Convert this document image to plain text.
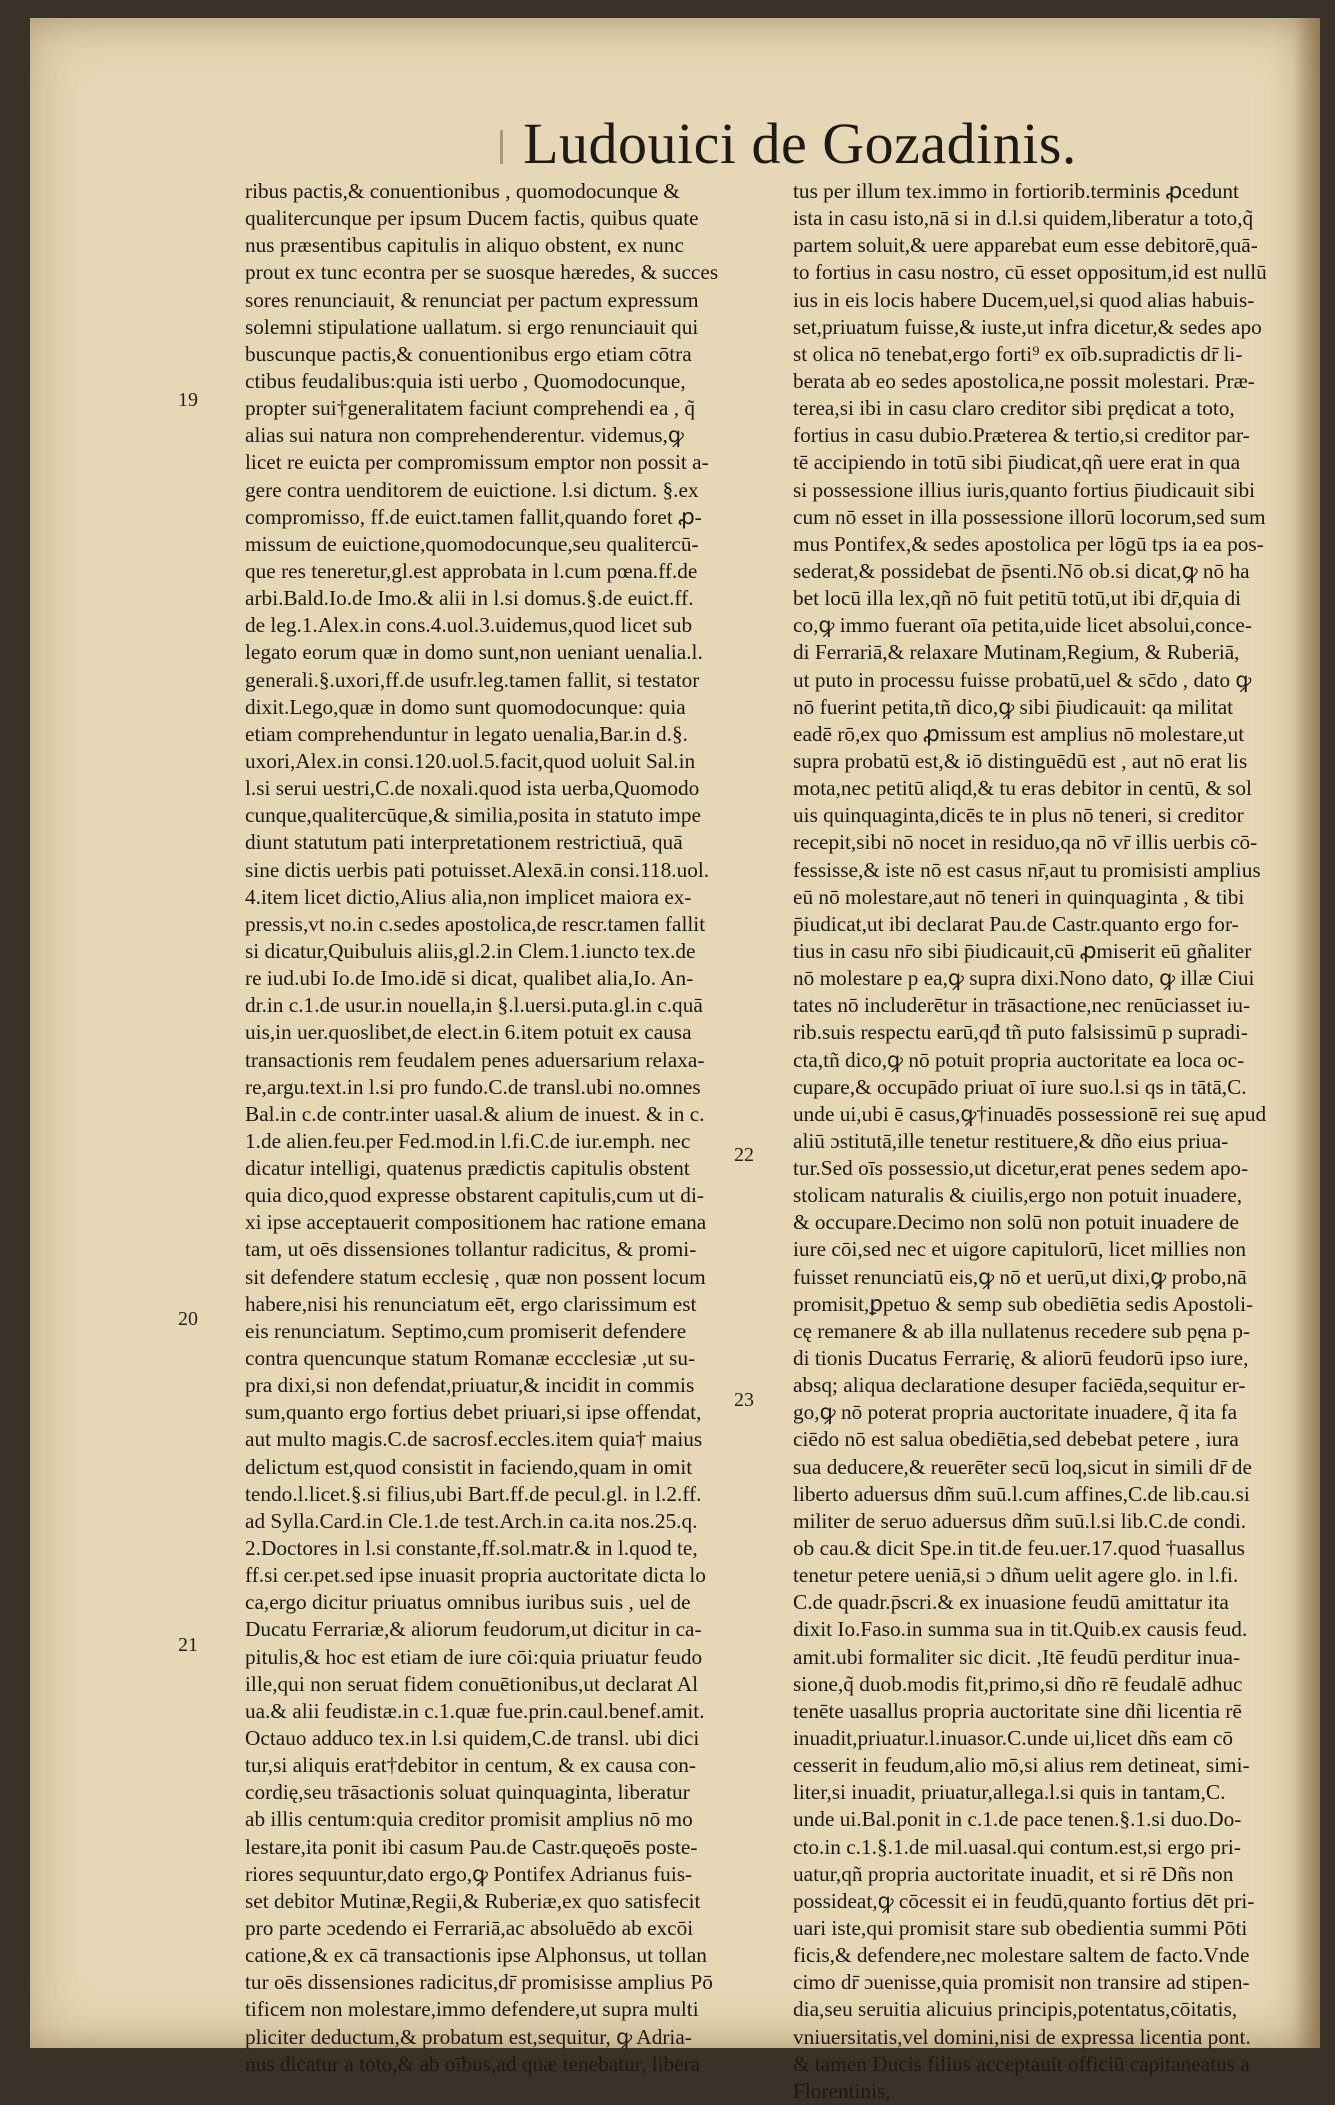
Ludouici de Gozadinis.
ribus pactis,& conuentionibus , quomodocunque &
qualitercunque per ipsum Ducem factis, quibus quate
nus præsentibus capitulis in aliquo obstent, ex nunc
prout ex tunc econtra per se suosque hæredes, & succes
sores renunciauit, & renunciat per pactum expressum
solemni stipulatione uallatum. si ergo renunciauit qui
buscunque pactis,& conuentionibus ergo etiam cōtra
ctibus feudalibus:quia isti uerbo , Quomodocunque,
propter sui†generalitatem faciunt comprehendi ea , q̃
alias sui natura non comprehenderentur. videmus,ꝙ
licet re euicta per compromissum emptor non possit a-
gere contra uenditorem de euictione. l.si dictum. §.ex
compromisso, ff.de euict.tamen fallit,quando foret ꝓ-
missum de euictione,quomodocunque,seu qualitercū-
que res teneretur,gl.est approbata in l.cum pœna.ff.de
arbi.Bald.Io.de Imo.& alii in l.si domus.§.de euict.ff.
de leg.1.Alex.in cons.4.uol.3.uidemus,quod licet sub
legato eorum quæ in domo sunt,non ueniant uenalia.l.
generali.§.uxori,ff.de usufr.leg.tamen fallit, si testator
dixit.Lego,quæ in domo sunt quomodocunque: quia
etiam comprehenduntur in legato uenalia,Bar.in d.§.
uxori,Alex.in consi.120.uol.5.facit,quod uoluit Sal.in
l.si serui uestri,C.de noxali.quod ista uerba,Quomodo
cunque,qualitercūque,& similia,posita in statuto impe
diunt statutum pati interpretationem restrictiuā, quā
sine dictis uerbis pati potuisset.Alexā.in consi.118.uol.
4.item licet dictio,Alius alia,non implicet maiora ex-
pressis,vt no.in c.sedes apostolica,de rescr.tamen fallit
si dicatur,Quibuluis aliis,gl.2.in Clem.1.iuncto tex.de
re iud.ubi Io.de Imo.idē si dicat, qualibet alia,Io. An-
dr.in c.1.de usur.in nouella,in §.l.uersi.puta.gl.in c.quā
uis,in uer.quoslibet,de elect.in 6.item potuit ex causa
transactionis rem feudalem penes aduersarium relaxa-
re,argu.text.in l.si pro fundo.C.de transl.ubi no.omnes
Bal.in c.de contr.inter uasal.& alium de inuest. & in c.
1.de alien.feu.per Fed.mod.in l.fi.C.de iur.emph. nec
dicatur intelligi, quatenus prædictis capitulis obstent
quia dico,quod expresse obstarent capitulis,cum ut di-
xi ipse acceptauerit compositionem hac ratione emana
tam, ut oēs dissensiones tollantur radicitus, & promi-
sit defendere statum ecclesię , quæ non possent locum
habere,nisi his renunciatum eēt, ergo clarissimum est
eis renunciatum. Septimo,cum promiserit defendere
contra quencunque statum Romanæ eccclesiæ ,ut su-
pra dixi,si non defendat,priuatur,& incidit in commis
sum,quanto ergo fortius debet priuari,si ipse offendat,
aut multo magis.C.de sacrosf.eccles.item quia† maius
delictum est,quod consistit in faciendo,quam in omit
tendo.l.licet.§.si filius,ubi Bart.ff.de pecul.gl. in l.2.ff.
ad Sylla.Card.in Cle.1.de test.Arch.in ca.ita nos.25.q.
2.Doctores in l.si constante,ff.sol.matr.& in l.quod te,
ff.si cer.pet.sed ipse inuasit propria auctoritate dicta lo
ca,ergo dicitur priuatus omnibus iuribus suis , uel de
Ducatu Ferrariæ,& aliorum feudorum,ut dicitur in ca-
pitulis,& hoc est etiam de iure cōi:quia priuatur feudo
ille,qui non seruat fidem conuētionibus,ut declarat Al
ua.& alii feudistæ.in c.1.quæ fue.prin.caul.benef.amit.
Octauo adduco tex.in l.si quidem,C.de transl. ubi dici
tur,si aliquis erat†debitor in centum, & ex causa con-
cordię,seu trāsactionis soluat quinquaginta, liberatur
ab illis centum:quia creditor promisit amplius nō mo
lestare,ita ponit ibi casum Pau.de Castr.quęoēs poste-
riores sequuntur,dato ergo,ꝙ Pontifex Adrianus fuis-
set debitor Mutinæ,Regii,& Ruberiæ,ex quo satisfecit
pro parte ɔcedendo ei Ferrariā,ac absoluēdo ab excōi
catione,& ex cā transactionis ipse Alphonsus, ut tollan
tur oēs dissensiones radicitus,dr̄ promisisse amplius Pō
tificem non molestare,immo defendere,ut supra multi
pliciter deductum,& probatum est,sequitur, ꝙ Adria-
nus dicatur a toto,& ab oībus,ad quæ tenebatur, libera
tus per illum tex.immo in fortiorib.terminis ꝓcedunt
ista in casu isto,nā si in d.l.si quidem,liberatur a toto,q̃
partem soluit,& uere apparebat eum esse debitorē,quā-
to fortius in casu nostro, cū esset oppositum,id est nullū
ius in eis locis habere Ducem,uel,si quod alias habuis-
set,priuatum fuisse,& iuste,ut infra dicetur,& sedes apo
st olica nō tenebat,ergo forti⁹ ex oīb.supradictis dr̄ li-
berata ab eo sedes apostolica,ne possit molestari. Præ-
terea,si ibi in casu claro creditor sibi prędicat a toto,
fortius in casu dubio.Præterea & tertio,si creditor par-
tē accipiendo in totū sibi p̄iudicat,qñ uere erat in qua
si possessione illius iuris,quanto fortius p̄iudicauit sibi
cum nō esset in illa possessione illorū locorum,sed sum
mus Pontifex,& sedes apostolica per lōgū tps ia ea pos-
sederat,& possidebat de p̄senti.Nō ob.si dicat,ꝙ nō ha
bet locū illa lex,qñ nō fuit petitū totū,ut ibi dr̄,quia di
co,ꝙ immo fuerant oīa petita,uide licet absolui,conce-
di Ferrariā,& relaxare Mutinam,Regium, & Ruberiā,
ut puto in processu fuisse probatū,uel & sc̄do , dato ꝙ
nō fuerint petita,tñ dico,ꝙ sibi p̄iudicauit: qa militat
eadē rō,ex quo ꝓmissum est amplius nō molestare,ut
supra probatū est,& iō distinguēdū est , aut nō erat lis
mota,nec petitū aliqd,& tu eras debitor in centū, & sol
uis quinquaginta,dicēs te in plus nō teneri, si creditor
recepit,sibi nō nocet in residuo,qa nō vr̄ illis uerbis cō-
fessisse,& iste nō est casus nr̄,aut tu promisisti amplius
eū nō molestare,aut nō teneri in quinquaginta , & tibi
p̄iudicat,ut ibi declarat Pau.de Castr.quanto ergo for-
tius in casu nr̄o sibi p̄iudicauit,cū ꝓmiserit eū gñaliter
nō molestare p ea,ꝙ supra dixi.Nono dato, ꝙ illæ Ciui
tates nō includerētur in trāsactione,nec renūciasset iu-
rib.suis respectu earū,qđ tñ puto falsissimū p supradi-
cta,tñ dico,ꝙ nō potuit propria auctoritate ea loca oc-
cupare,& occupādo priuat oī iure suo.l.si qs in tātā,C.
unde ui,ubi ē casus,ꝙ†inuadēs possessionē rei suę apud
aliū ɔstitutā,ille tenetur restituere,& dño eius priua-
tur.Sed oīs possessio,ut dicetur,erat penes sedem apo-
stolicam naturalis & ciuilis,ergo non potuit inuadere,
& occupare.Decimo non solū non potuit inuadere de
iure cōi,sed nec et uigore capitulorū, licet millies non
fuisset renunciatū eis,ꝙ nō et uerū,ut dixi,ꝙ probo,nā
promisit,ꝑpetuo & semp sub obediētia sedis Apostoli-
cę remanere & ab illa nullatenus recedere sub pęna p-
di tionis Ducatus Ferrarię, & aliorū feudorū ipso iure,
absq; aliqua declaratione desuper faciēda,sequitur er-
go,ꝙ nō poterat propria auctoritate inuadere, q̃ ita fa
ciēdo nō est salua obediētia,sed debebat petere , iura
sua deducere,& reuerēter secū loq,sicut in simili dr̄ de
liberto aduersus dñm suū.l.cum affines,C.de lib.cau.si
militer de seruo aduersus dñm suū.l.si lib.C.de condi.
ob cau.& dicit Spe.in tit.de feu.uer.17.quod †uasallus
tenetur petere ueniā,si ɔ dñum uelit agere glo. in l.fi.
C.de quadr.p̄scri.& ex inuasione feudū amittatur ita
dixit Io.Faso.in summa sua in tit.Quib.ex causis feud.
amit.ubi formaliter sic dicit. ,Itē feudū perditur inua-
sione,q̃ duob.modis fit,primo,si dño rē feudalē adhuc
tenēte uasallus propria auctoritate sine dñi licentia rē
inuadit,priuatur.l.inuasor.C.unde ui,licet dñs eam cō
cesserit in feudum,alio mō,si alius rem detineat, simi-
liter,si inuadit, priuatur,allega.l.si quis in tantam,C.
unde ui.Bal.ponit in c.1.de pace tenen.§.1.si duo.Do-
cto.in c.1.§.1.de mil.uasal.qui contum.est,si ergo pri-
uatur,qñ propria auctoritate inuadit, et si rē Dñs non
possideat,ꝙ cōcessit ei in feudū,quanto fortius dēt pri-
uari iste,qui promisit stare sub obedientia summi Pōti
ficis,& defendere,nec molestare saltem de facto.Vnde
cimo dr̄ ɔuenisse,quia promisit non transire ad stipen-
dia,seu seruitia alicuius principis,potentatus,cōitatis,
vniuersitatis,vel domini,nisi de expressa licentia pont.
& tamen Ducis filius acceptauit officiū capitaneatus a
Florentinis,
19
20
21
22
23
